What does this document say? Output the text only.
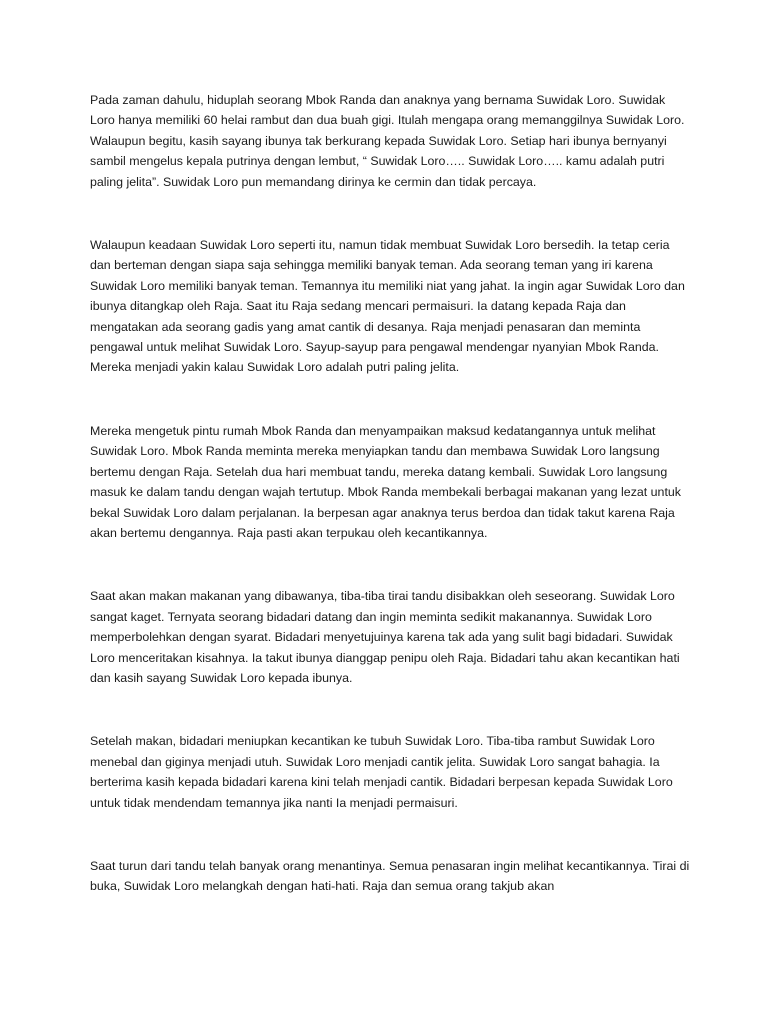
Pada zaman dahulu, hiduplah seorang Mbok Randa dan anaknya yang bernama Suwidak Loro. Suwidak Loro hanya memiliki 60 helai rambut dan dua buah gigi. Itulah mengapa orang memanggilnya Suwidak Loro. Walaupun begitu, kasih sayang ibunya tak berkurang kepada Suwidak Loro. Setiap hari ibunya bernyanyi sambil mengelus kepala putrinya dengan lembut, “ Suwidak Loro….. Suwidak Loro….. kamu adalah putri paling jelita”. Suwidak Loro pun memandang dirinya ke cermin dan tidak percaya.

Walaupun keadaan Suwidak Loro seperti itu, namun tidak membuat Suwidak Loro bersedih. Ia tetap ceria dan berteman dengan siapa saja sehingga memiliki banyak teman. Ada seorang teman yang iri karena Suwidak Loro memiliki banyak teman. Temannya itu memiliki niat yang jahat. Ia ingin agar Suwidak Loro dan ibunya ditangkap oleh Raja. Saat itu Raja sedang mencari permaisuri. Ia datang kepada Raja dan mengatakan ada seorang gadis yang amat cantik di desanya. Raja menjadi penasaran dan meminta pengawal untuk melihat Suwidak Loro. Sayup-sayup para pengawal mendengar nyanyian Mbok Randa. Mereka menjadi yakin kalau Suwidak Loro adalah putri paling jelita.

Mereka mengetuk pintu rumah Mbok Randa dan menyampaikan maksud kedatangannya untuk melihat Suwidak Loro. Mbok Randa meminta mereka menyiapkan tandu dan membawa Suwidak Loro langsung bertemu dengan Raja. Setelah dua hari membuat tandu, mereka datang kembali. Suwidak Loro langsung masuk ke dalam tandu dengan wajah tertutup. Mbok Randa membekali berbagai makanan yang lezat untuk bekal Suwidak Loro dalam perjalanan. Ia berpesan agar anaknya terus berdoa dan tidak takut karena Raja akan bertemu dengannya. Raja pasti akan terpukau oleh kecantikannya.

Saat akan makan makanan yang dibawanya, tiba-tiba tirai tandu disibakkan oleh seseorang. Suwidak Loro sangat kaget. Ternyata seorang bidadari datang dan ingin meminta sedikit makanannya. Suwidak Loro memperbolehkan dengan syarat. Bidadari menyetujuinya karena tak ada yang sulit bagi bidadari. Suwidak Loro menceritakan kisahnya. Ia takut ibunya dianggap penipu oleh Raja. Bidadari tahu akan kecantikan hati dan kasih sayang Suwidak Loro kepada ibunya.

Setelah makan, bidadari meniupkan kecantikan ke tubuh Suwidak Loro. Tiba-tiba rambut Suwidak Loro menebal dan giginya menjadi utuh. Suwidak Loro menjadi cantik jelita. Suwidak Loro sangat bahagia. Ia berterima kasih kepada bidadari karena kini telah menjadi cantik. Bidadari berpesan kepada Suwidak Loro untuk tidak mendendam temannya jika nanti Ia menjadi permaisuri.

Saat turun dari tandu telah banyak orang menantinya. Semua penasaran ingin melihat kecantikannya. Tirai di buka, Suwidak Loro melangkah dengan hati-hati. Raja dan semua orang takjub akan
